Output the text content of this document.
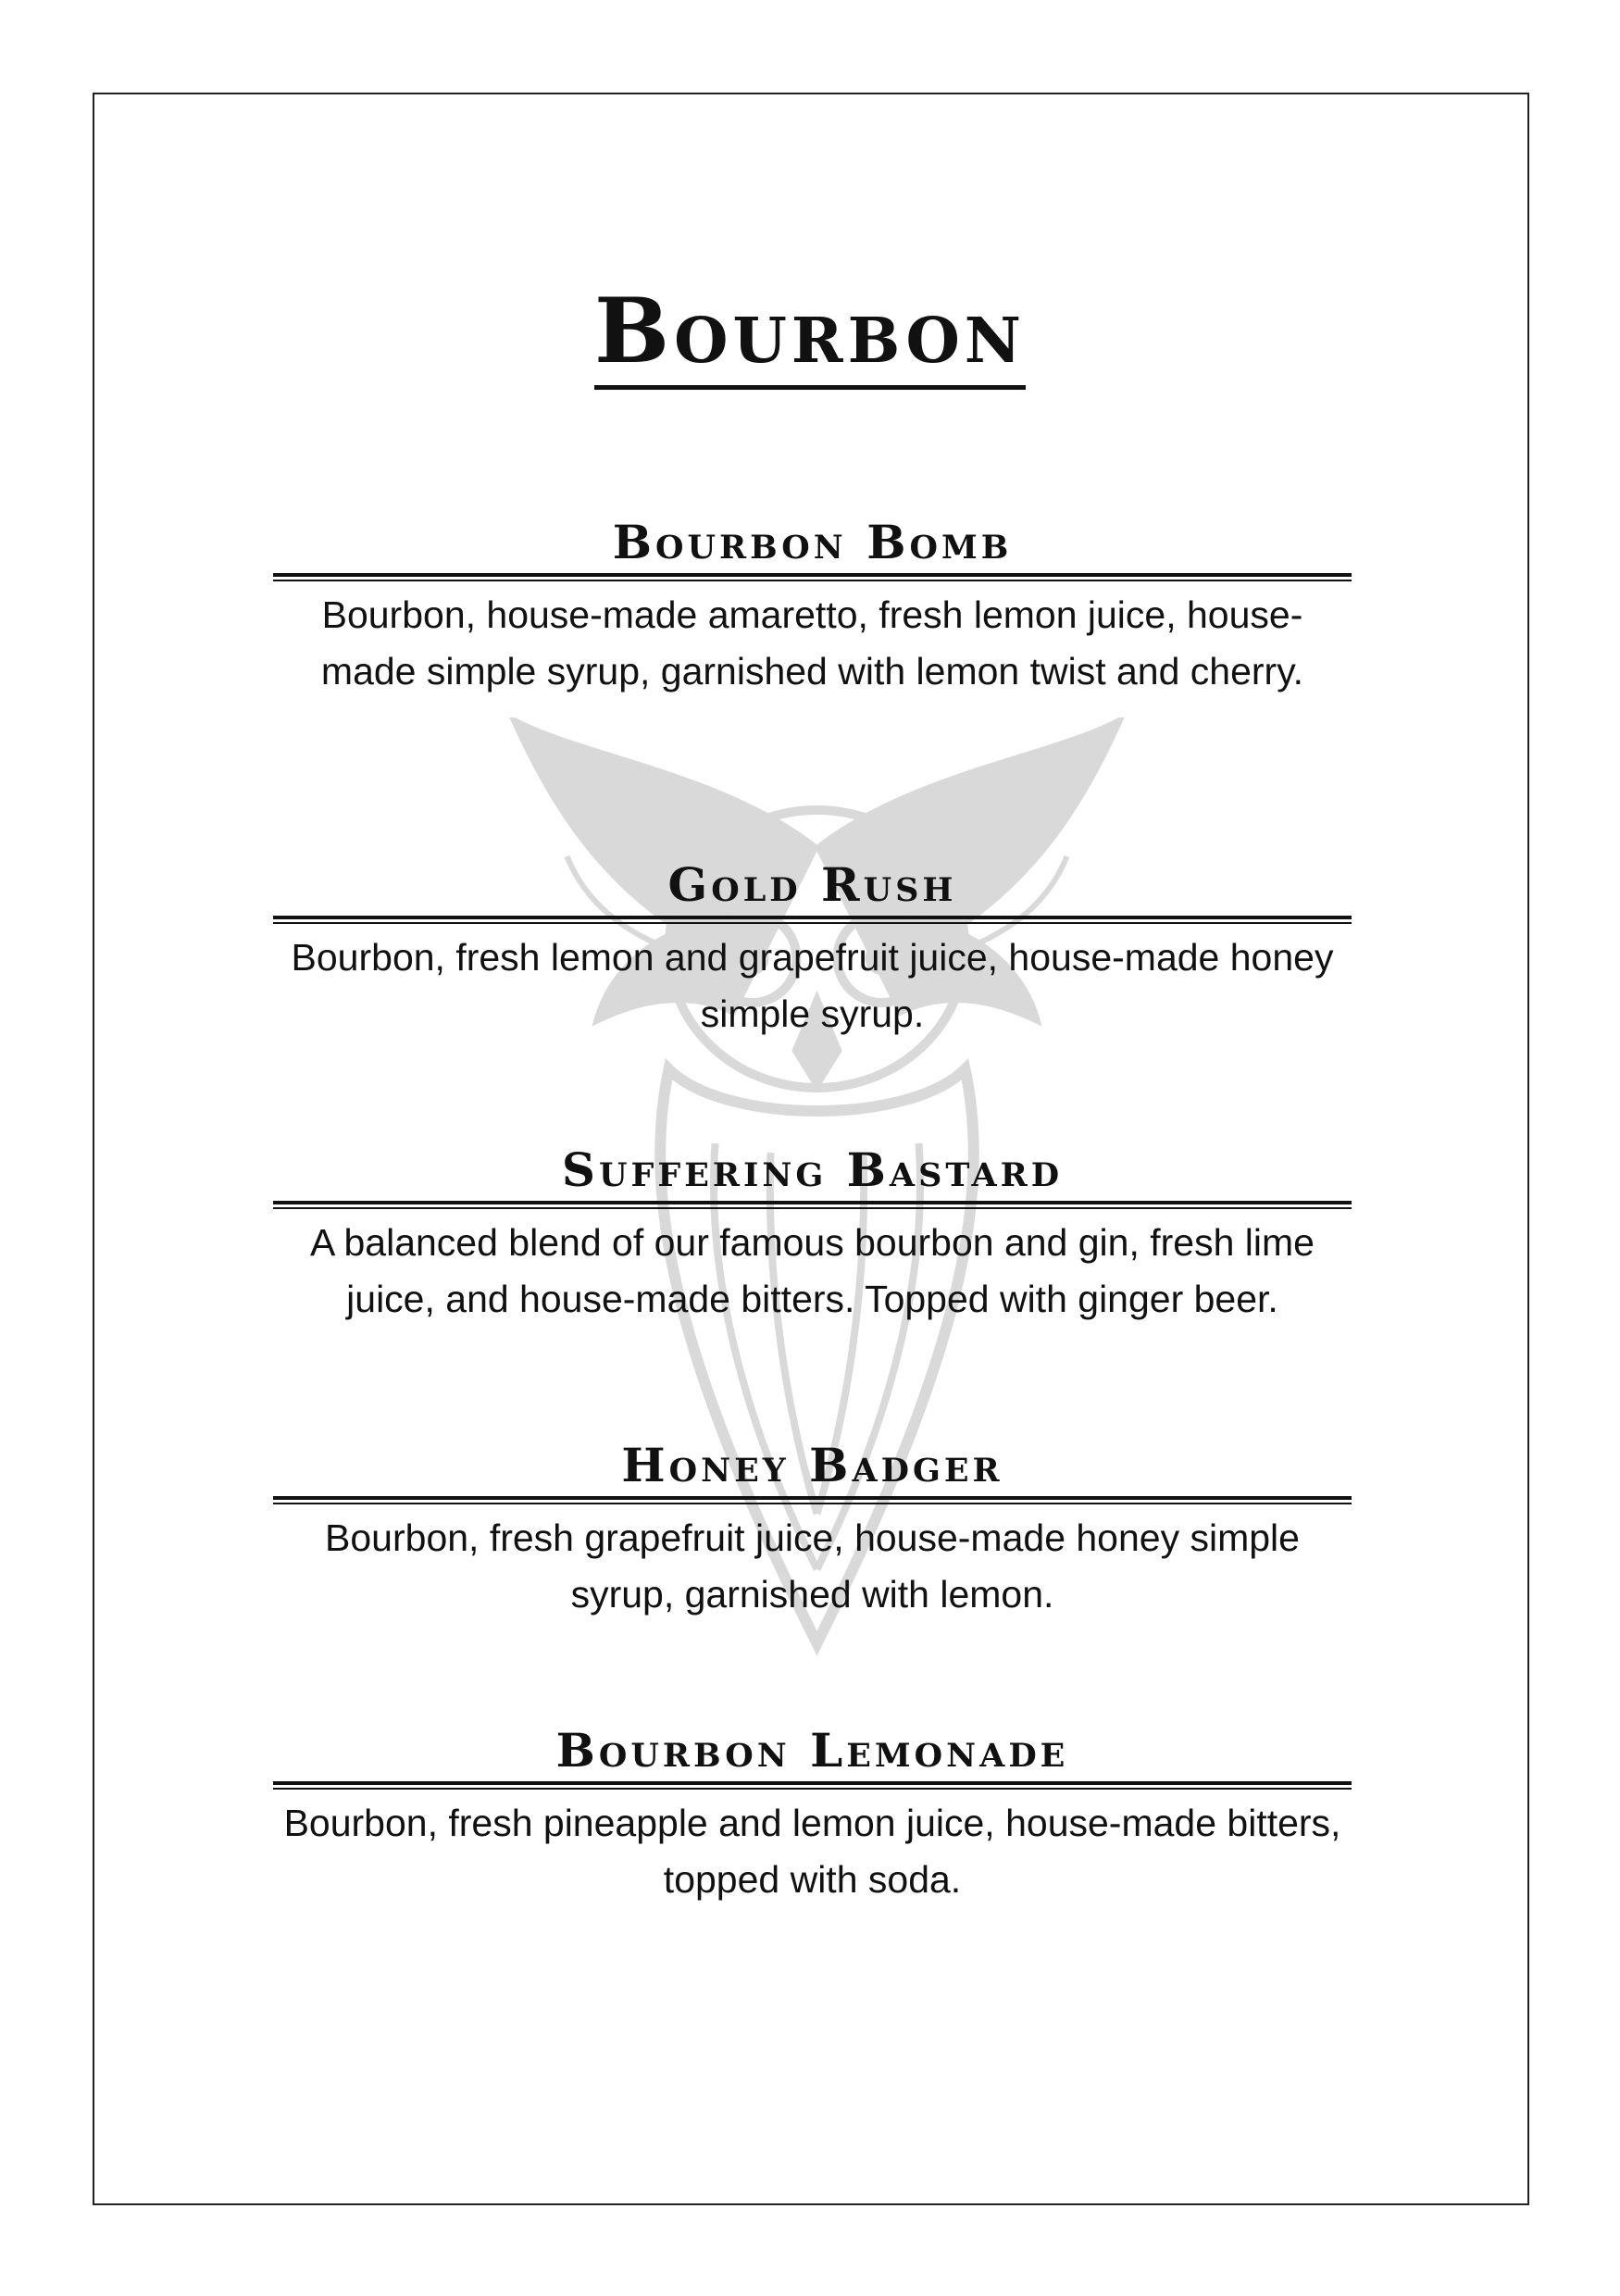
Bourbon
Bourbon Bomb
Bourbon, house-made amaretto, fresh lemon juice, house-made simple syrup, garnished with lemon twist and cherry.
Gold Rush
Bourbon, fresh lemon and grapefruit juice, house-made honey simple syrup.
Suffering Bastard
A balanced blend of our famous bourbon and gin, fresh lime juice, and house-made bitters. Topped with ginger beer.
Honey Badger
Bourbon, fresh grapefruit juice, house-made honey simple syrup, garnished with lemon.
Bourbon Lemonade
Bourbon, fresh pineapple and lemon juice, house-made bitters, topped with soda.
